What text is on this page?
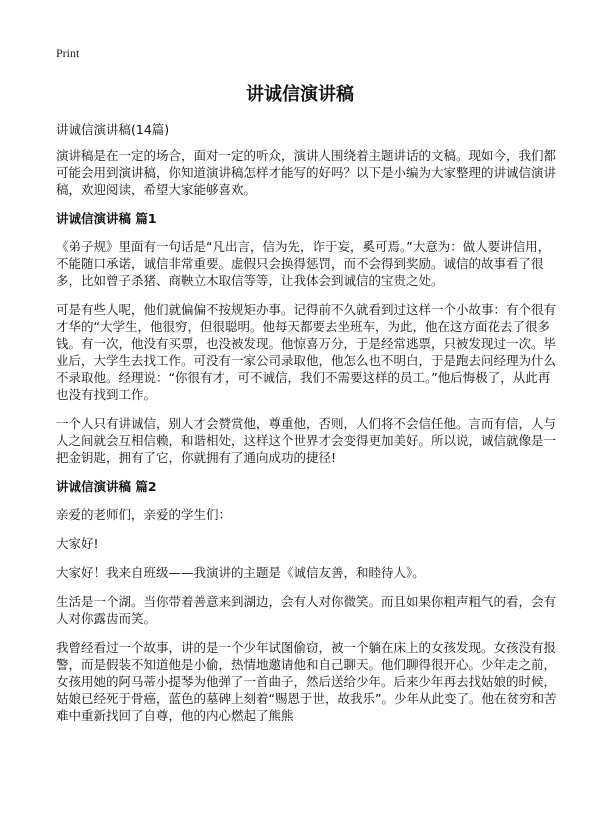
Print
讲诚信演讲稿
讲诚信演讲稿(14篇)

演讲稿是在一定的场合，面对一定的听众，演讲人围绕着主题讲话的文稿。现如今，我们都可能会用到演讲稿，你知道演讲稿怎样才能写的好吗？以下是小编为大家整理的讲诚信演讲稿，欢迎阅读，希望大家能够喜欢。

讲诚信演讲稿 篇1

《弟子规》里面有一句话是“凡出言，信为先，诈于妄，奚可焉。”大意为：做人要讲信用，不能随口承诺，诚信非常重要。虚假只会换得惩罚，而不会得到奖励。诚信的故事看了很多，比如曾子杀猪、商鞅立木取信等等，让我体会到诚信的宝贵之处。

可是有些人呢，他们就偏偏不按规矩办事。记得前不久就看到过这样一个小故事：有个很有才华的“大学生，他很穷，但很聪明。他每天都要去坐班车，为此，他在这方面花去了很多钱。有一次，他没有买票，也没被发现。他惊喜万分，于是经常逃票，只被发现过一次。毕业后，大学生去找工作。可没有一家公司录取他，他怎么也不明白，于是跑去问经理为什么不录取他。经理说：“你很有才，可不诚信，我们不需要这样的员工。”他后悔极了，从此再也没有找到工作。

一个人只有讲诚信，别人才会赞赏他，尊重他，否则，人们将不会信任他。言而有信，人与人之间就会互相信赖，和谐相处，这样这个世界才会变得更加美好。所以说，诚信就像是一把金钥匙，拥有了它，你就拥有了通向成功的捷径!

讲诚信演讲稿 篇2

亲爱的老师们，亲爱的学生们：

大家好!

大家好！我来自班级——我演讲的主题是《诚信友善，和睦待人》。

生活是一个湖。当你带着善意来到湖边，会有人对你微笑。而且如果你粗声粗气的看，会有人对你露齿而笑。

我曾经看过一个故事，讲的是一个少年试图偷窃，被一个躺在床上的女孩发现。女孩没有报警，而是假装不知道他是小偷，热情地邀请他和自己聊天。他们聊得很开心。少年走之前，女孩用她的阿马蒂小提琴为他弹了一首曲子，然后送给少年。后来少年再去找姑娘的时候，姑娘已经死于骨癌，蓝色的墓碑上刻着“赐恩于世，故我乐”。少年从此变了。他在贫穷和苦难中重新找回了自尊，他的内心燃起了熊熊
